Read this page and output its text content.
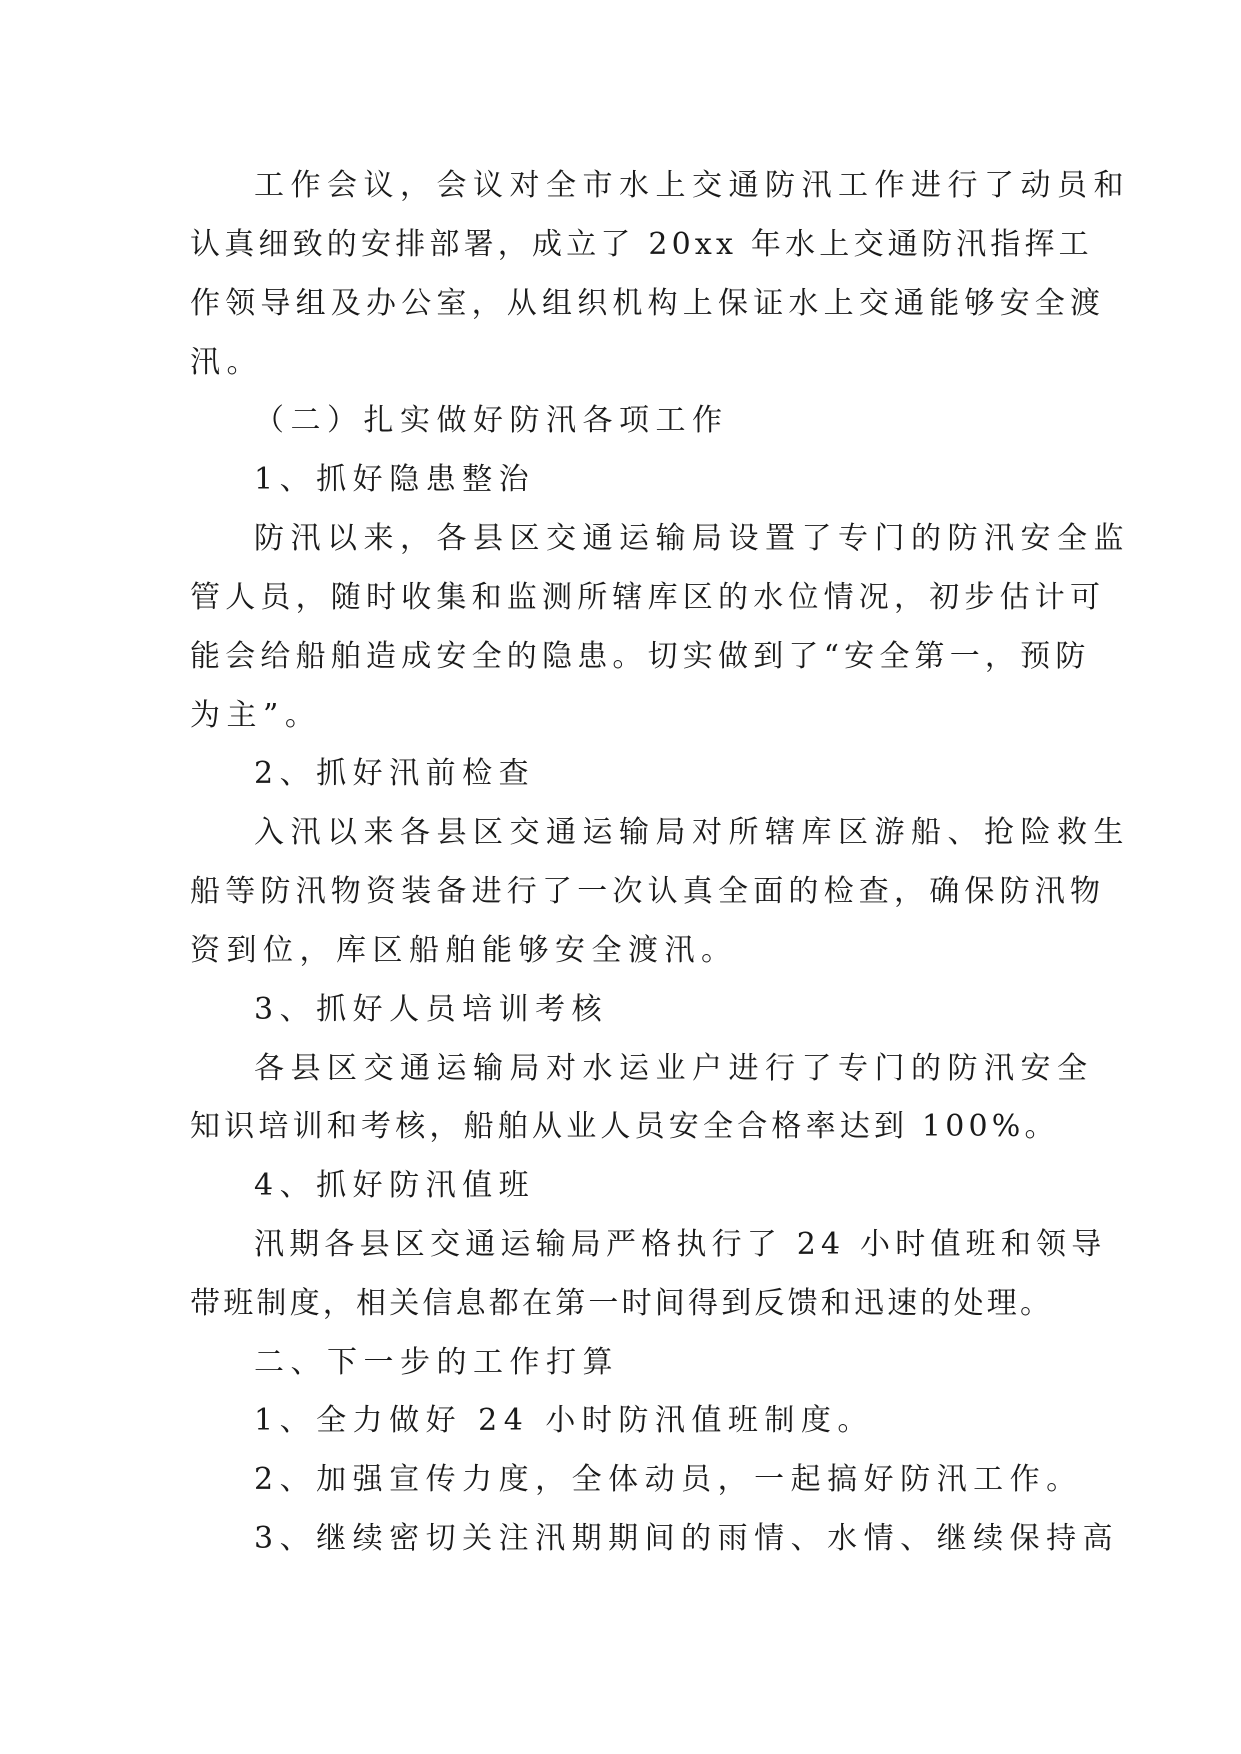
工作会议，会议对全市水上交通防汛工作进行了动员和

认真细致的安排部署，成立了 20xx 年水上交通防汛指挥工

作领导组及办公室，从组织机构上保证水上交通能够安全渡

汛。

（二）扎实做好防汛各项工作

1、抓好隐患整治

防汛以来，各县区交通运输局设置了专门的防汛安全监

管人员，随时收集和监测所辖库区的水位情况，初步估计可

能会给船舶造成安全的隐患。切实做到了“安全第一，预防

为主”。

2、抓好汛前检查

入汛以来各县区交通运输局对所辖库区游船、抢险救生

船等防汛物资装备进行了一次认真全面的检查，确保防汛物

资到位，库区船舶能够安全渡汛。

3、抓好人员培训考核

各县区交通运输局对水运业户进行了专门的防汛安全

知识培训和考核，船舶从业人员安全合格率达到 100%。

4、抓好防汛值班

汛期各县区交通运输局严格执行了 24 小时值班和领导

带班制度，相关信息都在第一时间得到反馈和迅速的处理。

二、下一步的工作打算

1、全力做好 24 小时防汛值班制度。

2、加强宣传力度，全体动员，一起搞好防汛工作。

3、继续密切关注汛期期间的雨情、水情、继续保持高
